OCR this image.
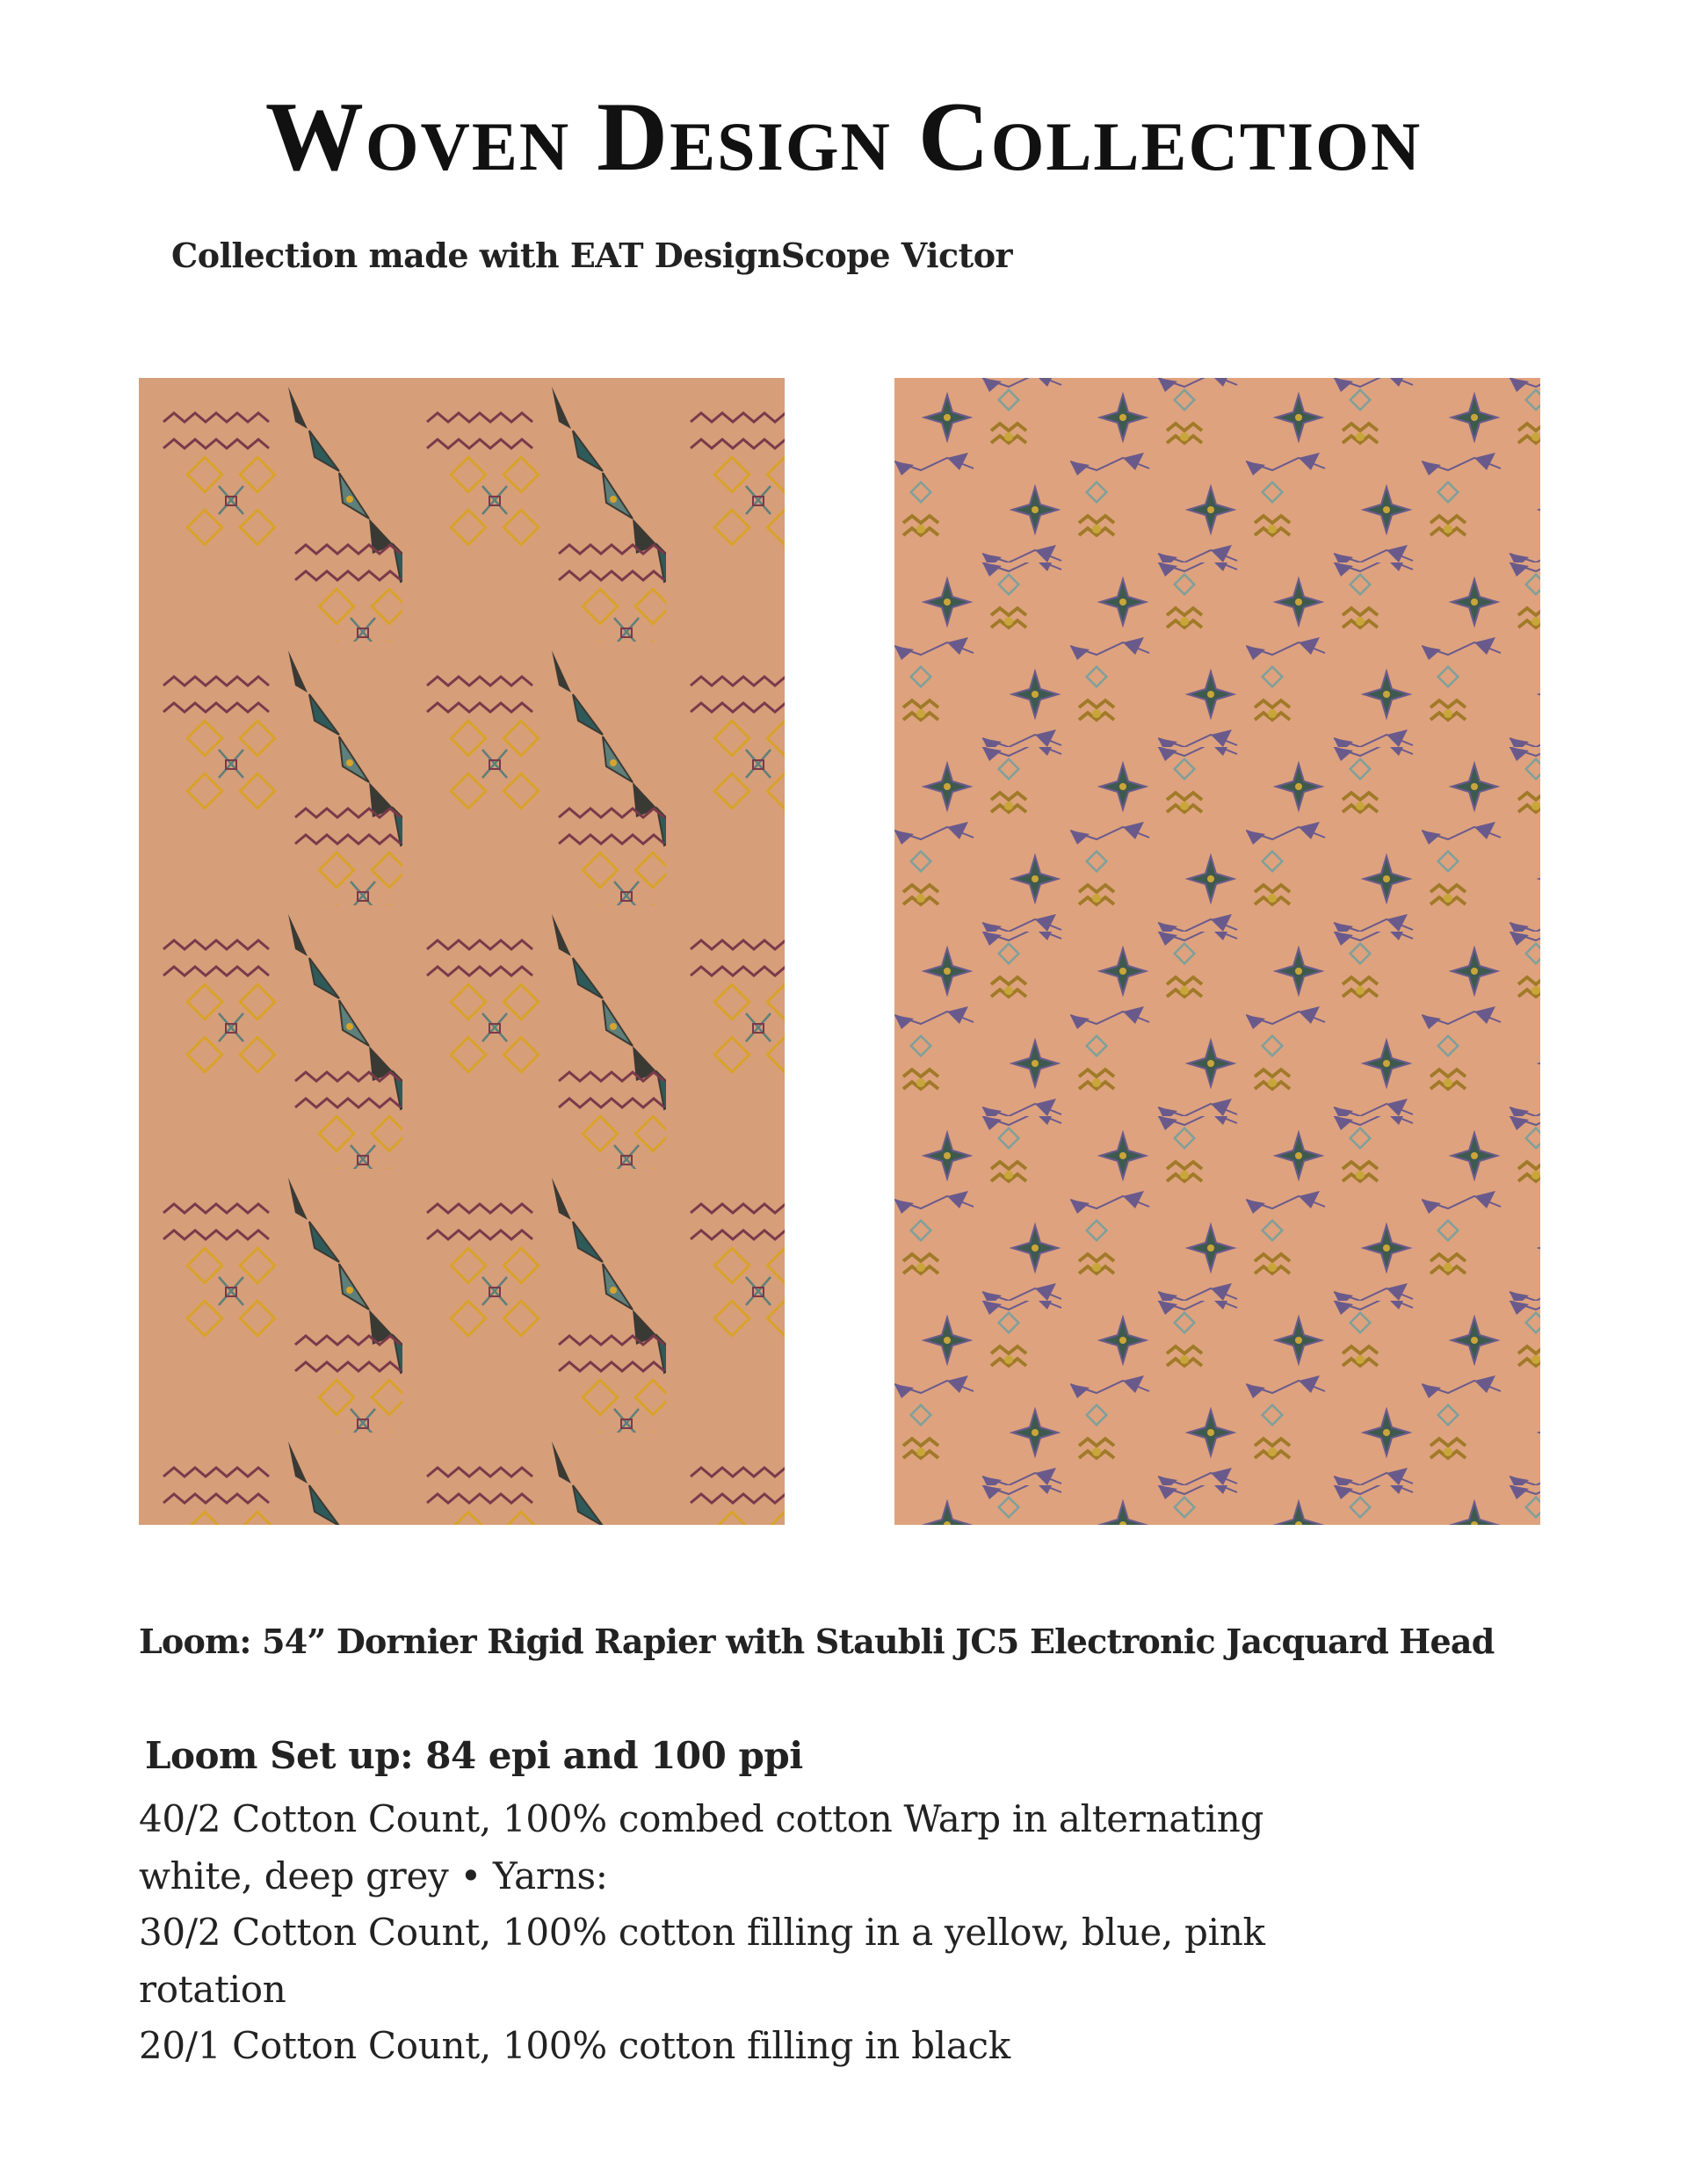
Woven Design Collection
Collection made with EAT DesignScope Victor
Loom: 54” Dornier Rigid Rapier with Staubli JC5 Electronic Jacquard Head
Loom Set up: 84 epi and 100 ppi
40/2 Cotton Count, 100% combed cotton Warp in alternating
white, deep grey • Yarns:
30/2 Cotton Count, 100% cotton filling in a yellow, blue, pink
rotation
20/1 Cotton Count, 100% cotton filling in black
